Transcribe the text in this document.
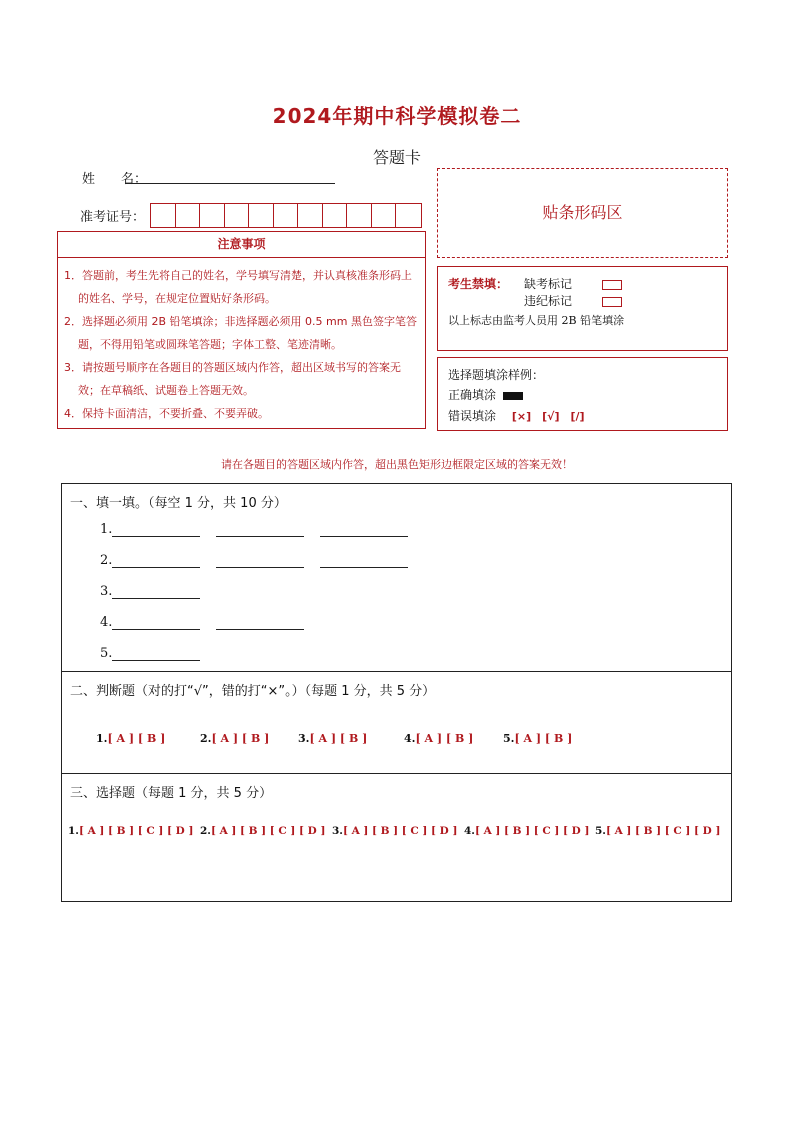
2024年期中科学模拟卷二
答题卡
姓　　名：
准考证号：
注意事项
1．答题前，考生先将自己的姓名，学号填写清楚，并认真核准条形码上的姓名、学号，在规定位置贴好条形码。
2．选择题必须用 2B 铅笔填涂；非选择题必须用 0.5 mm 黑色签字笔答题，不得用铅笔或圆珠笔答题；字体工整、笔迹清晰。
3．请按题号顺序在各题目的答题区域内作答，超出区域书写的答案无效；在草稿纸、试题卷上答题无效。
4．保持卡面清洁，不要折叠、不要弄破。
贴条形码区
考生禁填： 缺考标记
违纪标记
以上标志由监考人员用 2B 铅笔填涂
选择题填涂样例：
正确填涂
错误填涂 [×]　[√]　[/]
请在各题目的答题区域内作答，超出黑色矩形边框限定区域的答案无效！
一、填一填。（每空 1 分，共 10 分）
1.
2.
3.
4.
5.
二、判断题（对的打“√”，错的打“×”。）（每题 1 分，共 5 分）
1.[ A ] [ B ]	2.[ A ] [ B ]	3.[ A ] [ B ]	4.[ A ] [ B ]	5.[ A ] [ B ]
三、选择题（每题 1 分，共 5 分）
1.[ A ] [ B ] [ C ] [ D ] 2.[ A ] [ B ] [ C ] [ D ] 3.[ A ] [ B ] [ C ] [ D ] 4.[ A ] [ B ] [ C ] [ D ] 5.[ A ] [ B ] [ C ] [ D ]
